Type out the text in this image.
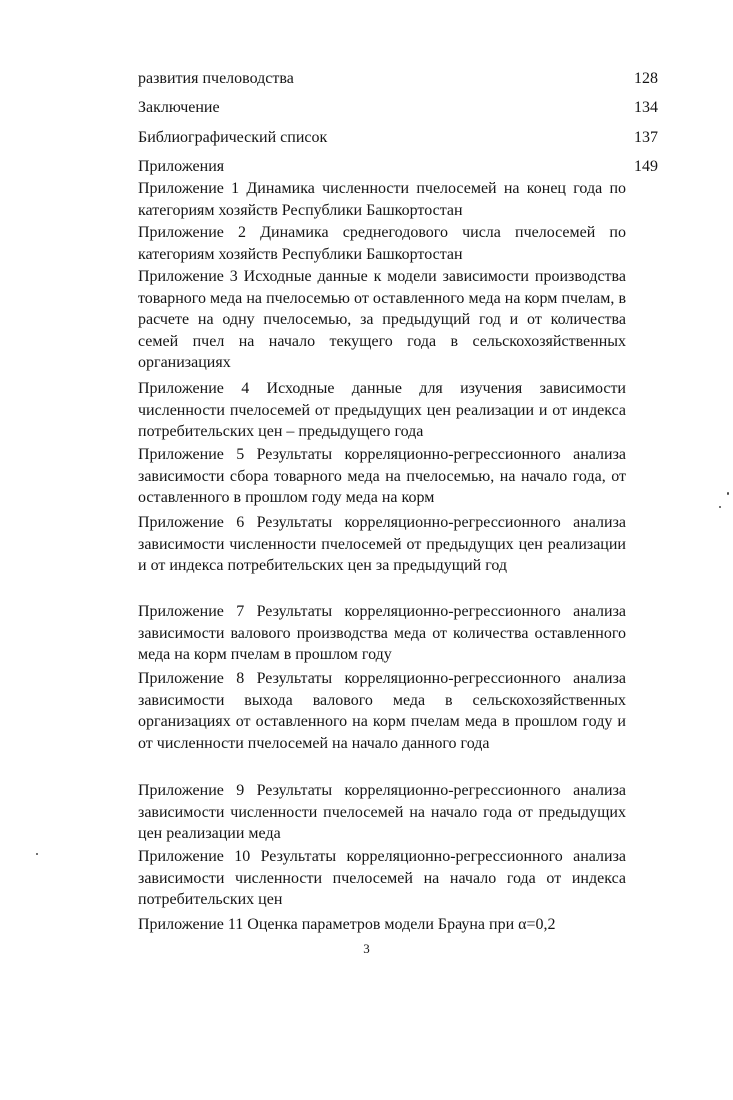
развития пчеловодства	128
Заключение	134
Библиографический список	137
Приложения	149
Приложение 1 Динамика численности пчелосемей на конец года по категориям хозяйств Республики Башкортостан
Приложение 2 Динамика среднегодового числа пчелосемей по категориям хозяйств Республики Башкортостан
Приложение 3 Исходные данные к модели зависимости производства товарного меда на пчелосемью от оставленного меда на корм пчелам, в расчете на одну пчелосемью, за предыдущий год и от количества семей пчел на начало текущего года в сельскохозяйственных организациях
Приложение 4 Исходные данные для изучения зависимости численности пчелосемей от предыдущих цен реализации и от индекса потребительских цен – предыдущего года
Приложение 5 Результаты корреляционно-регрессионного анализа зависимости сбора товарного меда на пчелосемью, на начало года, от оставленного в прошлом году меда на корм
Приложение 6 Результаты корреляционно-регрессионного анализа зависимости численности пчелосемей от предыдущих цен реализации и от индекса потребительских цен за предыдущий год
Приложение 7 Результаты корреляционно-регрессионного анализа зависимости валового производства меда от количества оставленного меда на корм пчелам в прошлом году
Приложение 8 Результаты корреляционно-регрессионного анализа зависимости выхода валового меда в сельскохозяйственных организациях от оставленного на корм пчелам меда в прошлом году и от численности пчелосемей на начало данного года
Приложение 9 Результаты корреляционно-регрессионного анализа зависимости численности пчелосемей на начало года от предыдущих цен реализации меда
Приложение 10 Результаты корреляционно-регрессионного анализа зависимости численности пчелосемей на начало года от индекса потребительских цен
Приложение 11 Оценка параметров модели Брауна при α=0,2
3
